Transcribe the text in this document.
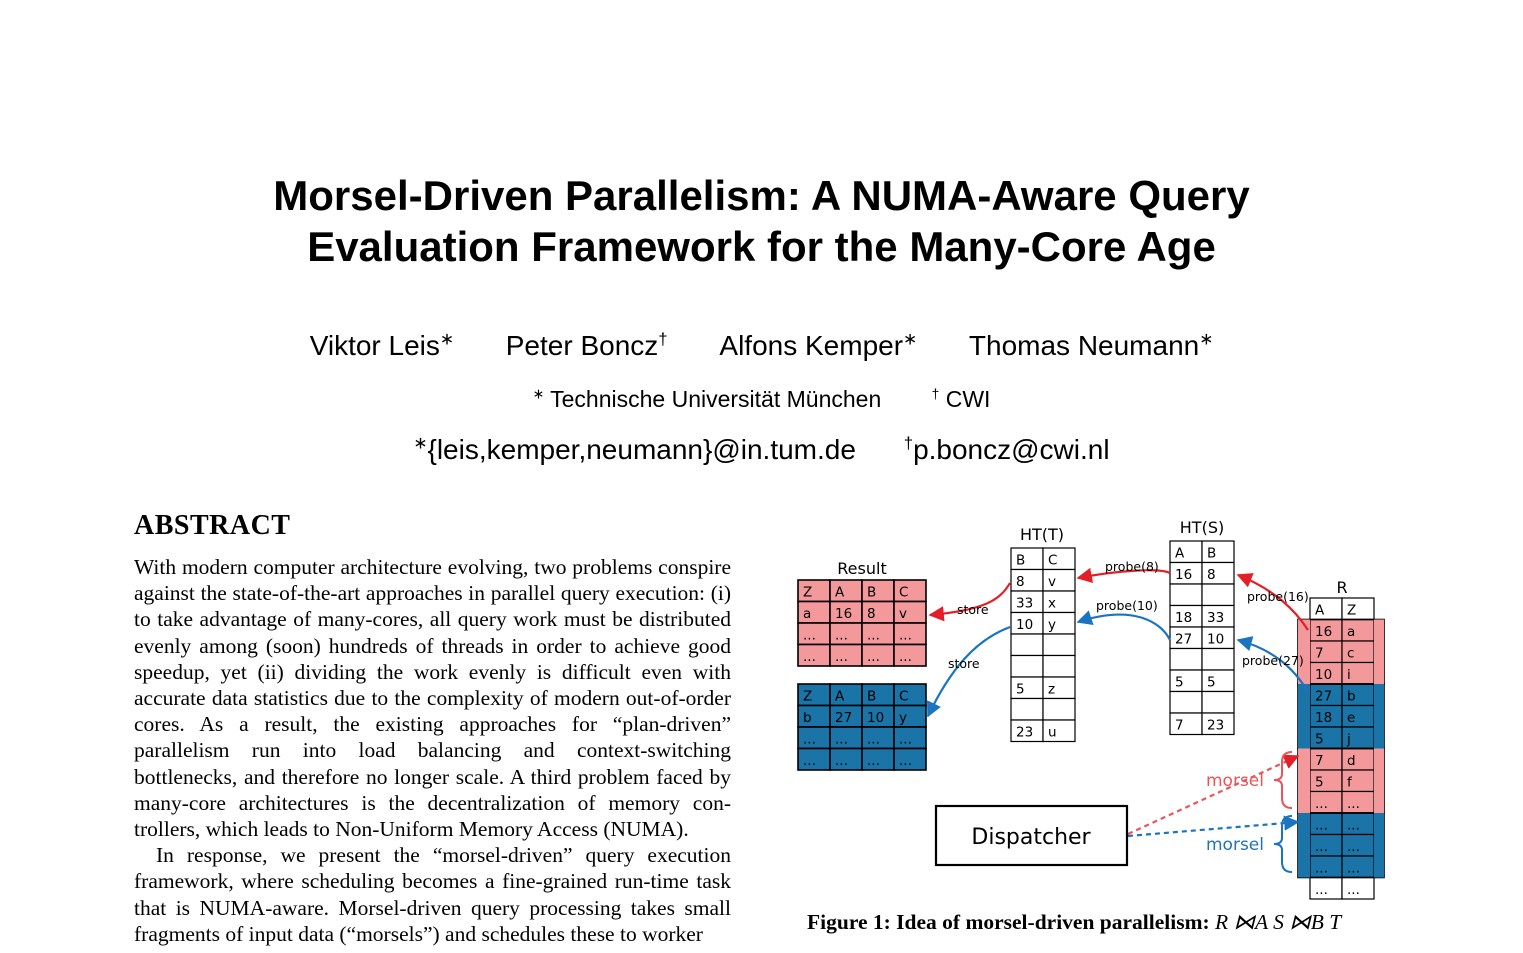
Morsel-Driven Parallelism: A NUMA-Aware Query
Evaluation Framework for the Many-Core Age
Viktor Leis∗ Peter Boncz† Alfons Kemper∗ Thomas Neumann∗
∗ Technische Universität München	† CWI
∗{leis,kemper,neumann}@in.tum.de	†p.boncz@cwi.nl
ABSTRACT

With modern computer architecture evolving, two problems conspire against the state-of-the-art approaches in parallel query execution: (i) to take advantage of many-cores, all query work must be distributed evenly among (soon) hundreds of threads in order to achieve good speedup, yet (ii) dividing the work evenly is difficult even with accurate data statistics due to the complexity of modern out-of-order cores. As a result, the existing approaches for “plan-driven” parallelism run into load balancing and context-switching bottlenecks, and therefore no longer scale. A third problem faced by many-core architectures is the decentralization of memory controllers, which leads to Non-Uniform Memory Access (NUMA).

In response, we present the “morsel-driven” query execution framework, where scheduling becomes a fine-grained run-time task that is NUMA-aware. Morsel-driven query processing takes small fragments of input data (“morsels”) and schedules these to worker

Result
Z A B C
a 16 8 v
... ... ... ...
... ... ... ...
Z A B C
b 27 10 y
... ... ... ...
... ... ... ...
HT(T)
B C
8 v
33 x
10 y
5 z
23 u
HT(S)
A B
16 8
18 33
27 10
5 5
7 23
R
A Z
16 a
7 c
10 i
27 b
18 e
5 j
7 d
5 f
... ...
... ...
... ...
... ...
... ...
store
store
probe(8)
probe(10)
probe(16)
probe(27)
morsel
morsel
Dispatcher
Figure 1: Idea of morsel-driven parallelism: R ⋈A S ⋈B T
